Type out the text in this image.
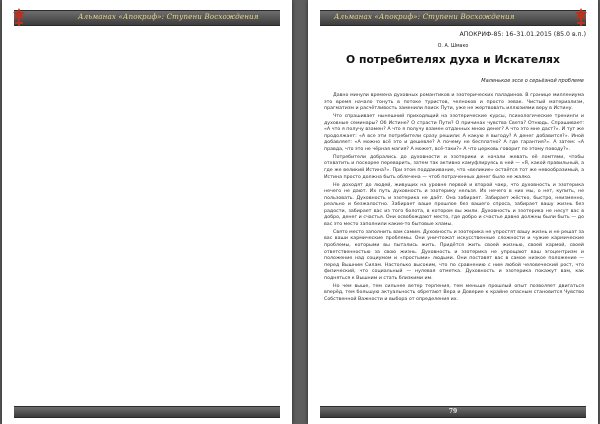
Альманах «Апокриф»: Ступени Восхождения	Альманах «Апокриф»: Ступени Восхождения
АПОКРИФ-85: 16–31.01.2015 (85.0 в.п.)
О. А. Шмако
О потребителях духа и Искателях
Маленькое эссе о серьёзной проблеме

Давно минули времена духовных романтиков и эзотерических паладинов. В границе миллениума это время начало тонуть в потоке туристов, челноков и просто зевак. Чистый материализм, прагматизм и расчётливость заменили поиск Пути, уже не жертвовать иллюзиями веру в Истину.

Что спрашивает нынешний приходящий на эзотерические курсы, психологические тренинги и духовные семинары? Об Истине? О страсти Пути? О причинах чувства Света? Отнюдь. Спрашивает: «А что я получу взамен? А что я получу взамен отданных мною денег? А что это мне даст?». И тут же продолжает: «А все эти потребители сразу решили: А какую я выгоду? А денег добавится?». Иной добавляет: «А можно всё это и дешевле? А почему не бесплатно? А где гарантия?». А затем: «А правда, что это не чёрная магия? А может, всё-таки?» А что церковь говорит по этому поводу?».

Потребители добрались до духовности и эзотерики и начали жевать её ломтями, чтобы отхватить и поскорее переварить, затем так активно камуфлируясь в ней — «Я, какой правильный, а где же великий Истина?». При этом поддакивание, что «великие» остаётся тот же невообразимый, а Истина просто должна быть облечена — чтоб потраченных денег было не жалко.

Не доходят до людей, живущих на уровне первой и второй чакр, что духовность и эзотерика нечего не дают. Их путь духовность и эзотерику нельзя. Их нечего в них мы, о нет, купить, не пользовать. Духовность и эзотерика не даёт. Она забирает. Забирает жёстко, быстро, неизменно, реально и безжалостно. Забирает ваше прошлое без вашего спроса, забирает вашу жизнь без радости, забирает вас из того болота, в котором вы жили. Духовность и эзотерика не несут вас в добро, денег и счастья. Они освобождают место, где добро и счастье давно должны были быть — до вас это место заполнили какие-то бытовые хламы.

Свято место заполнить вам самим. Духовность и эзотерика не упростят вашу жизнь и не решат за вас ваши кармические проблемы. Они уничтожат искусственные сложности и чужие кармические проблемы, которыми вы пытались жить. Придётся жить своей жизнью, своей кармой, своей ответственностью за свою жизнь. Духовность и эзотерика не упрощают ваш эгоцентризм и положение над социумом и «простыми» людьми. Они поставят вас в самое низкое положение — перед Вышним Силам. Настолько высоким, что по сравнению с ним любой человеческий рост, что физический, что социальный — нулевая отметка. Духовность и эзотерика покажут вам, как подняться к Вышним и стать близкими им.

Но чем выше, тем сильнее ветер терпения, тем меньше прошлый опыт позволяет двигаться вперёд, тем большую актуальность обретают Вера и Доверие к крайне опасным становится Чувство Собственной Важности и выбора от определения их.

79
